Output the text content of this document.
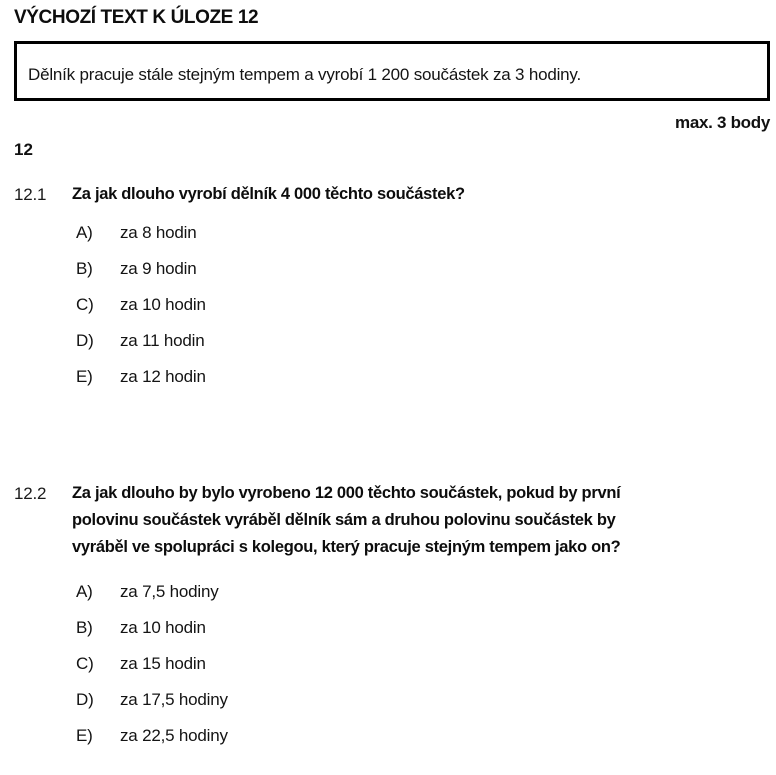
VÝCHOZÍ TEXT K ÚLOZE 12
Dělník pracuje stále stejným tempem a vyrobí 1 200 součástek za 3 hodiny.
max. 3 body
12
12.1	Za jak dlouho vyrobí dělník 4 000 těchto součástek?
A)	za 8 hodin
B)	za 9 hodin
C)	za 10 hodin
D)	za 11 hodin
E)	za 12 hodin
12.2	Za jak dlouho by bylo vyrobeno 12 000 těchto součástek, pokud by první
polovinu součástek vyráběl dělník sám a druhou polovinu součástek by
vyráběl ve spolupráci s kolegou, který pracuje stejným tempem jako on?
A)	za 7,5 hodiny
B)	za 10 hodin
C)	za 15 hodin
D)	za 17,5 hodiny
E)	za 22,5 hodiny
